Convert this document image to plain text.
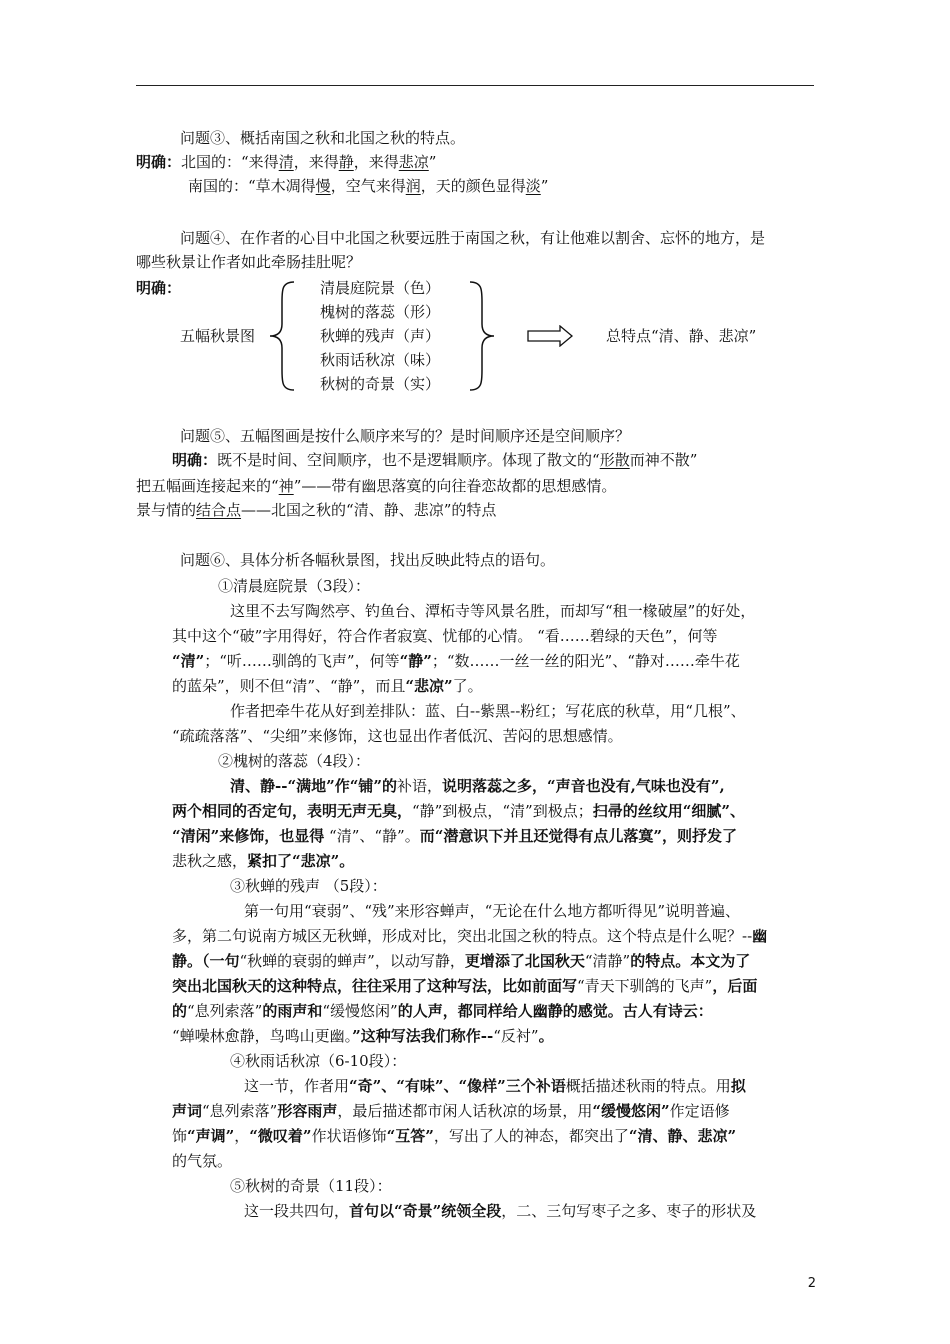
问题③、概括南国之秋和北国之秋的特点。
明确：北国的：“来得清，来得静，来得悲凉”
南国的：“草木凋得慢，空气来得润，天的颜色显得淡”
问题④、在作者的心目中北国之秋要远胜于南国之秋，有让他难以割舍、忘怀的地方，是
哪些秋景让作者如此牵肠挂肚呢？
明确：
五幅秋景图
清晨庭院景（色）
槐树的落蕊（形）
秋蝉的残声（声）
秋雨话秋凉（味）
秋树的奇景（实）
总特点“清、静、悲凉”
问题⑤、五幅图画是按什么顺序来写的？是时间顺序还是空间顺序？
明确：既不是时间、空间顺序，也不是逻辑顺序。体现了散文的“形散而神不散”
把五幅画连接起来的“神”——带有幽思落寞的向往眷恋故都的思想感情。
景与情的结合点——北国之秋的“清、静、悲凉”的特点
问题⑥、具体分析各幅秋景图，找出反映此特点的语句。
①清晨庭院景（3段）：
这里不去写陶然亭、钓鱼台、潭柘寺等风景名胜，而却写“租一椽破屋”的好处，
其中这个“破”字用得好，符合作者寂寞、忧郁的心情。 “看……碧绿的天色”，何等
“清”；“听……驯鸽的飞声”，何等“静”；“数……一丝一丝的阳光”、“静对……牵牛花
的蓝朵”，则不但“清”、“静”，而且“悲凉”了。
作者把牵牛花从好到差排队：蓝、白--紫黑--粉红；写花底的秋草，用“几根”、
“疏疏落落”、“尖细”来修饰，这也显出作者低沉、苦闷的思想感情。
②槐树的落蕊（4段）：
清、静--“满地”作“铺”的补语，说明落蕊之多，“声音也没有,气味也没有”,
两个相同的否定句，表明无声无臭，“静”到极点，“清”到极点；扫帚的丝纹用“细腻”、
“清闲”来修饰，也显得 “清”、“静”。而“潜意识下并且还觉得有点儿落寞”，则抒发了
悲秋之感，紧扣了“悲凉”。
③秋蝉的残声 （5段）：
第一句用“衰弱”、“残”来形容蝉声，“无论在什么地方都听得见”说明普遍、
多，第二句说南方城区无秋蝉，形成对比，突出北国之秋的特点。这个特点是什么呢？--幽
静。（一句“秋蝉的衰弱的蝉声”，以动写静，更增添了北国秋天“清静”的特点。本文为了
突出北国秋天的这种特点，往往采用了这种写法，比如前面写“青天下驯鸽的飞声”，后面
的“息列索落”的雨声和“缓慢悠闲”的人声，都同样给人幽静的感觉。古人有诗云：
“蝉噪林愈静，鸟鸣山更幽。”这种写法我们称作--“反衬”。
④秋雨话秋凉（6-10段）：
这一节，作者用“奇”、“有味”、“像样”三个补语概括描述秋雨的特点。用拟
声词“息列索落”形容雨声，最后描述都市闲人话秋凉的场景，用“缓慢悠闲”作定语修
饰“声调”，“微叹着”作状语修饰“互答”，写出了人的神态，都突出了“清、静、悲凉”
的气氛。
⑤秋树的奇景（11段）：
这一段共四句，首句以“奇景”统领全段，二、三句写枣子之多、枣子的形状及
2
